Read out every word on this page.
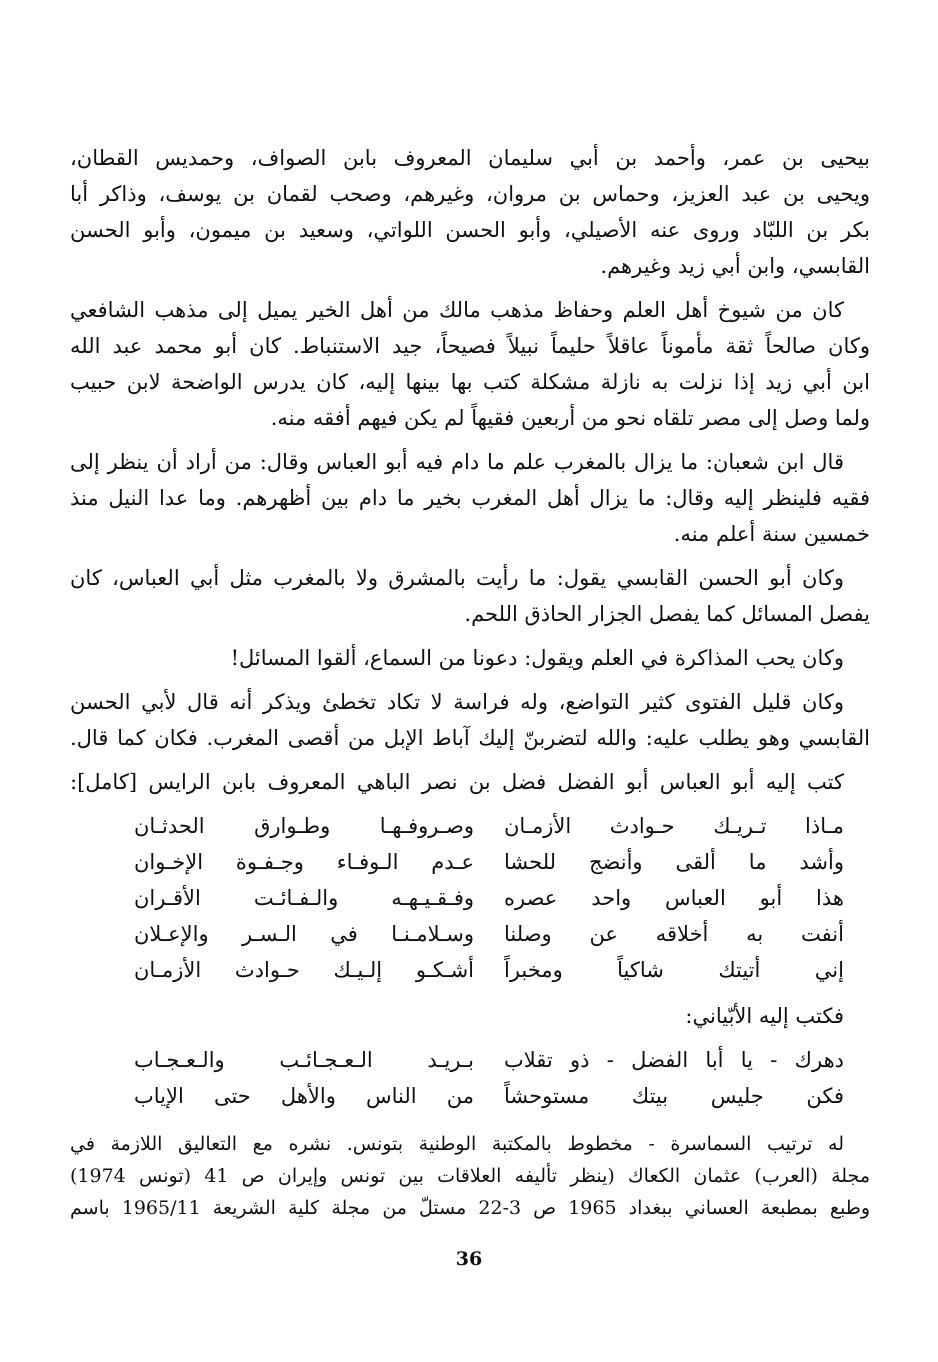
بيحيى بن عمر، وأحمد بن أبي سليمان المعروف بابن الصواف، وحمديس القطان،
ويحيى بن عبد العزيز، وحماس بن مروان، وغيرهم، وصحب لقمان بن يوسف، وذاكر أبا
بكر بن اللبّاد وروى عنه الأصيلي، وأبو الحسن اللواتي، وسعيد بن ميمون، وأبو الحسن
القابسي، وابن أبي زيد وغيرهم.
كان من شيوخ أهل العلم وحفاظ مذهب مالك من أهل الخير يميل إلى مذهب الشافعي
وكان صالحاً ثقة مأموناً عاقلاً حليماً نبيلاً فصيحاً، جيد الاستنباط. كان أبو محمد عبد الله
ابن أبي زيد إذا نزلت به نازلة مشكلة كتب بها بينها إليه، كان يدرس الواضحة لابن حبيب
ولما وصل إلى مصر تلقاه نحو من أربعين فقيهاً لم يكن فيهم أفقه منه.
قال ابن شعبان: ما يزال بالمغرب علم ما دام فيه أبو العباس وقال: من أراد أن ينظر إلى
فقيه فلينظر إليه وقال: ما يزال أهل المغرب بخير ما دام بين أظهرهم. وما عدا النيل منذ
خمسين سنة أعلم منه.
وكان أبو الحسن القابسي يقول: ما رأيت بالمشرق ولا بالمغرب مثل أبي العباس، كان
يفصل المسائل كما يفصل الجزار الحاذق اللحم.
وكان يحب المذاكرة في العلم ويقول: دعونا من السماع، ألقوا المسائل!
وكان قليل الفتوى كثير التواضع، وله فراسة لا تكاد تخطئ ويذكر أنه قال لأبي الحسن
القابسي وهو يطلب عليه: والله لتضربنّ إليك آباط الإبل من أقصى المغرب. فكان كما قال.
كتب إليه أبو العباس أبو الفضل فضل بن نصر الباهي المعروف بابن الرايس [كامل]:
مـاذا تـريـك حـوادث الأزمـان
وصـروفـهـا وطـوارق الحدثـان
وأشد ما ألقى وأنضج للحشا
عـدم الـوفـاء وجـفـوة الإخـوان
هذا أبو العباس واحد عصره
وفـقـيـهـه والـفـائـت الأقـران
أنفت به أخلاقه عن وصلنا
وسـلامـنـا في الـسـر والإعـلان
إني أتيتك شاكياً ومخبراً
أشـكـو إلـيـك حـوادث الأزمـان
فكتب إليه الأبّياني:
دهرك - يا أبا الفضل - ذو تقلاب
بـريـد الـعـجـائـب والـعـجـاب
فكن جليس بيتك مستوحشاً
من الناس والأهل حتى الإياب
له ترتيب السماسرة - مخطوط بالمكتبة الوطنية بتونس. نشره مع التعاليق اللازمة في
مجلة (العرب) عثمان الكعاك (ينظر تأليفه العلاقات بين تونس وإيران ص 41 (تونس 1974)
وطبع بمطبعة العساني ببغداد 1965 ص 3-22 مستلّ من مجلة كلية الشريعة 1965/11 باسم
36
